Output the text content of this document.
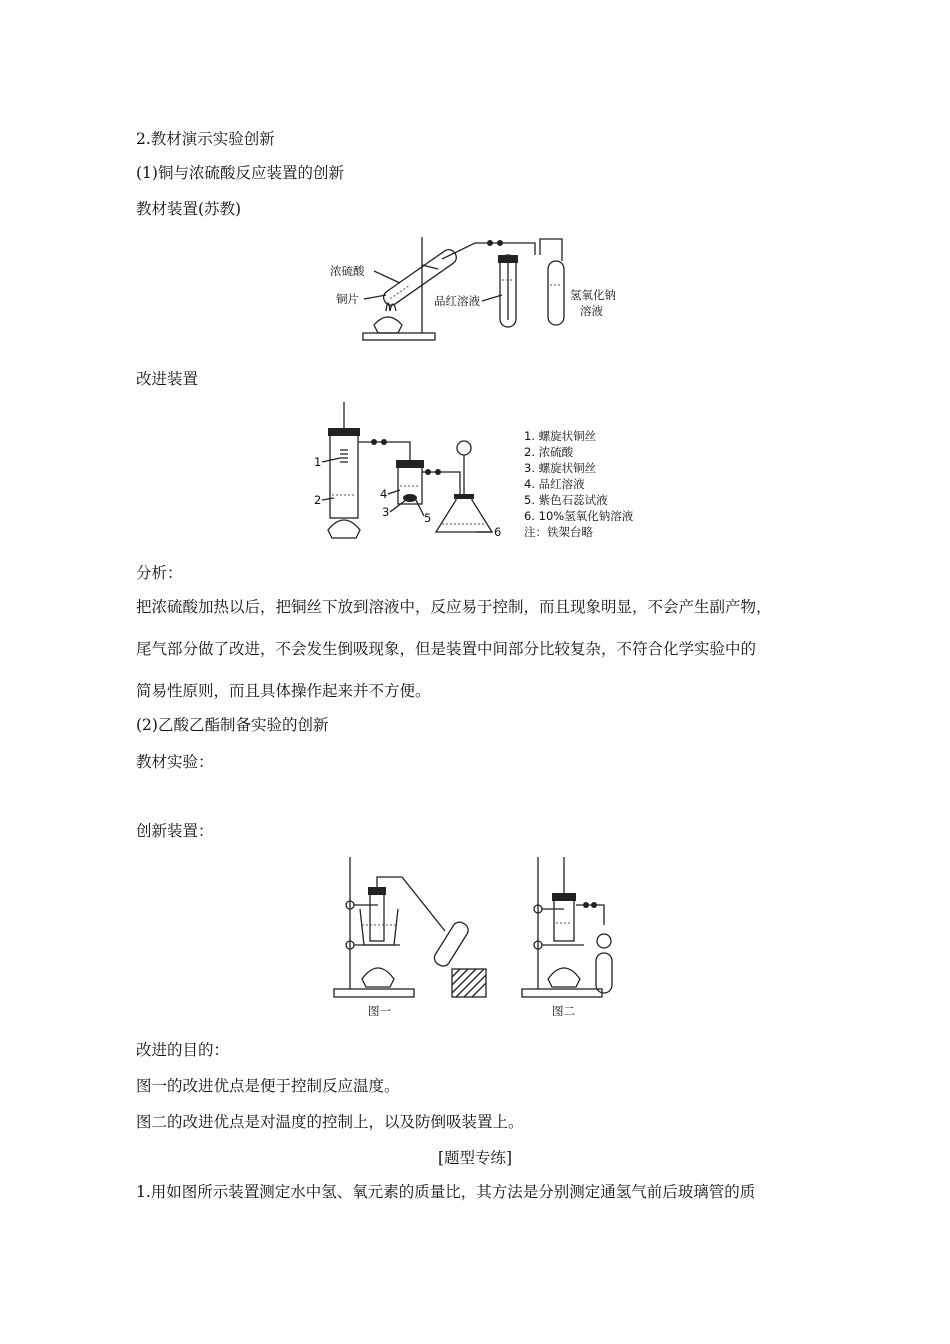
2.教材演示实验创新
(1)铜与浓硫酸反应装置的创新
教材装置(苏教)
浓硫酸
铜片	品红溶液	氢氧化钠
溶液
改进装置
1
2
3
4
5
6
1. 螺旋状铜丝
2. 浓硫酸
3. 螺旋状铜丝
4. 品红溶液
5. 紫色石蕊试液
6. 10%氢氧化钠溶液
注：铁架台略
分析：
把浓硫酸加热以后，把铜丝下放到溶液中，反应易于控制，而且现象明显，不会产生副产物，
尾气部分做了改进，不会发生倒吸现象，但是装置中间部分比较复杂，不符合化学实验中的
简易性原则，而且具体操作起来并不方便。
(2)乙酸乙酯制备实验的创新
教材实验：
创新装置：
图一	图二
改进的目的：
图一的改进优点是便于控制反应温度。
图二的改进优点是对温度的控制上，以及防倒吸装置上。
[题型专练]
1.用如图所示装置测定水中氢、氧元素的质量比，其方法是分别测定通氢气前后玻璃管的质
